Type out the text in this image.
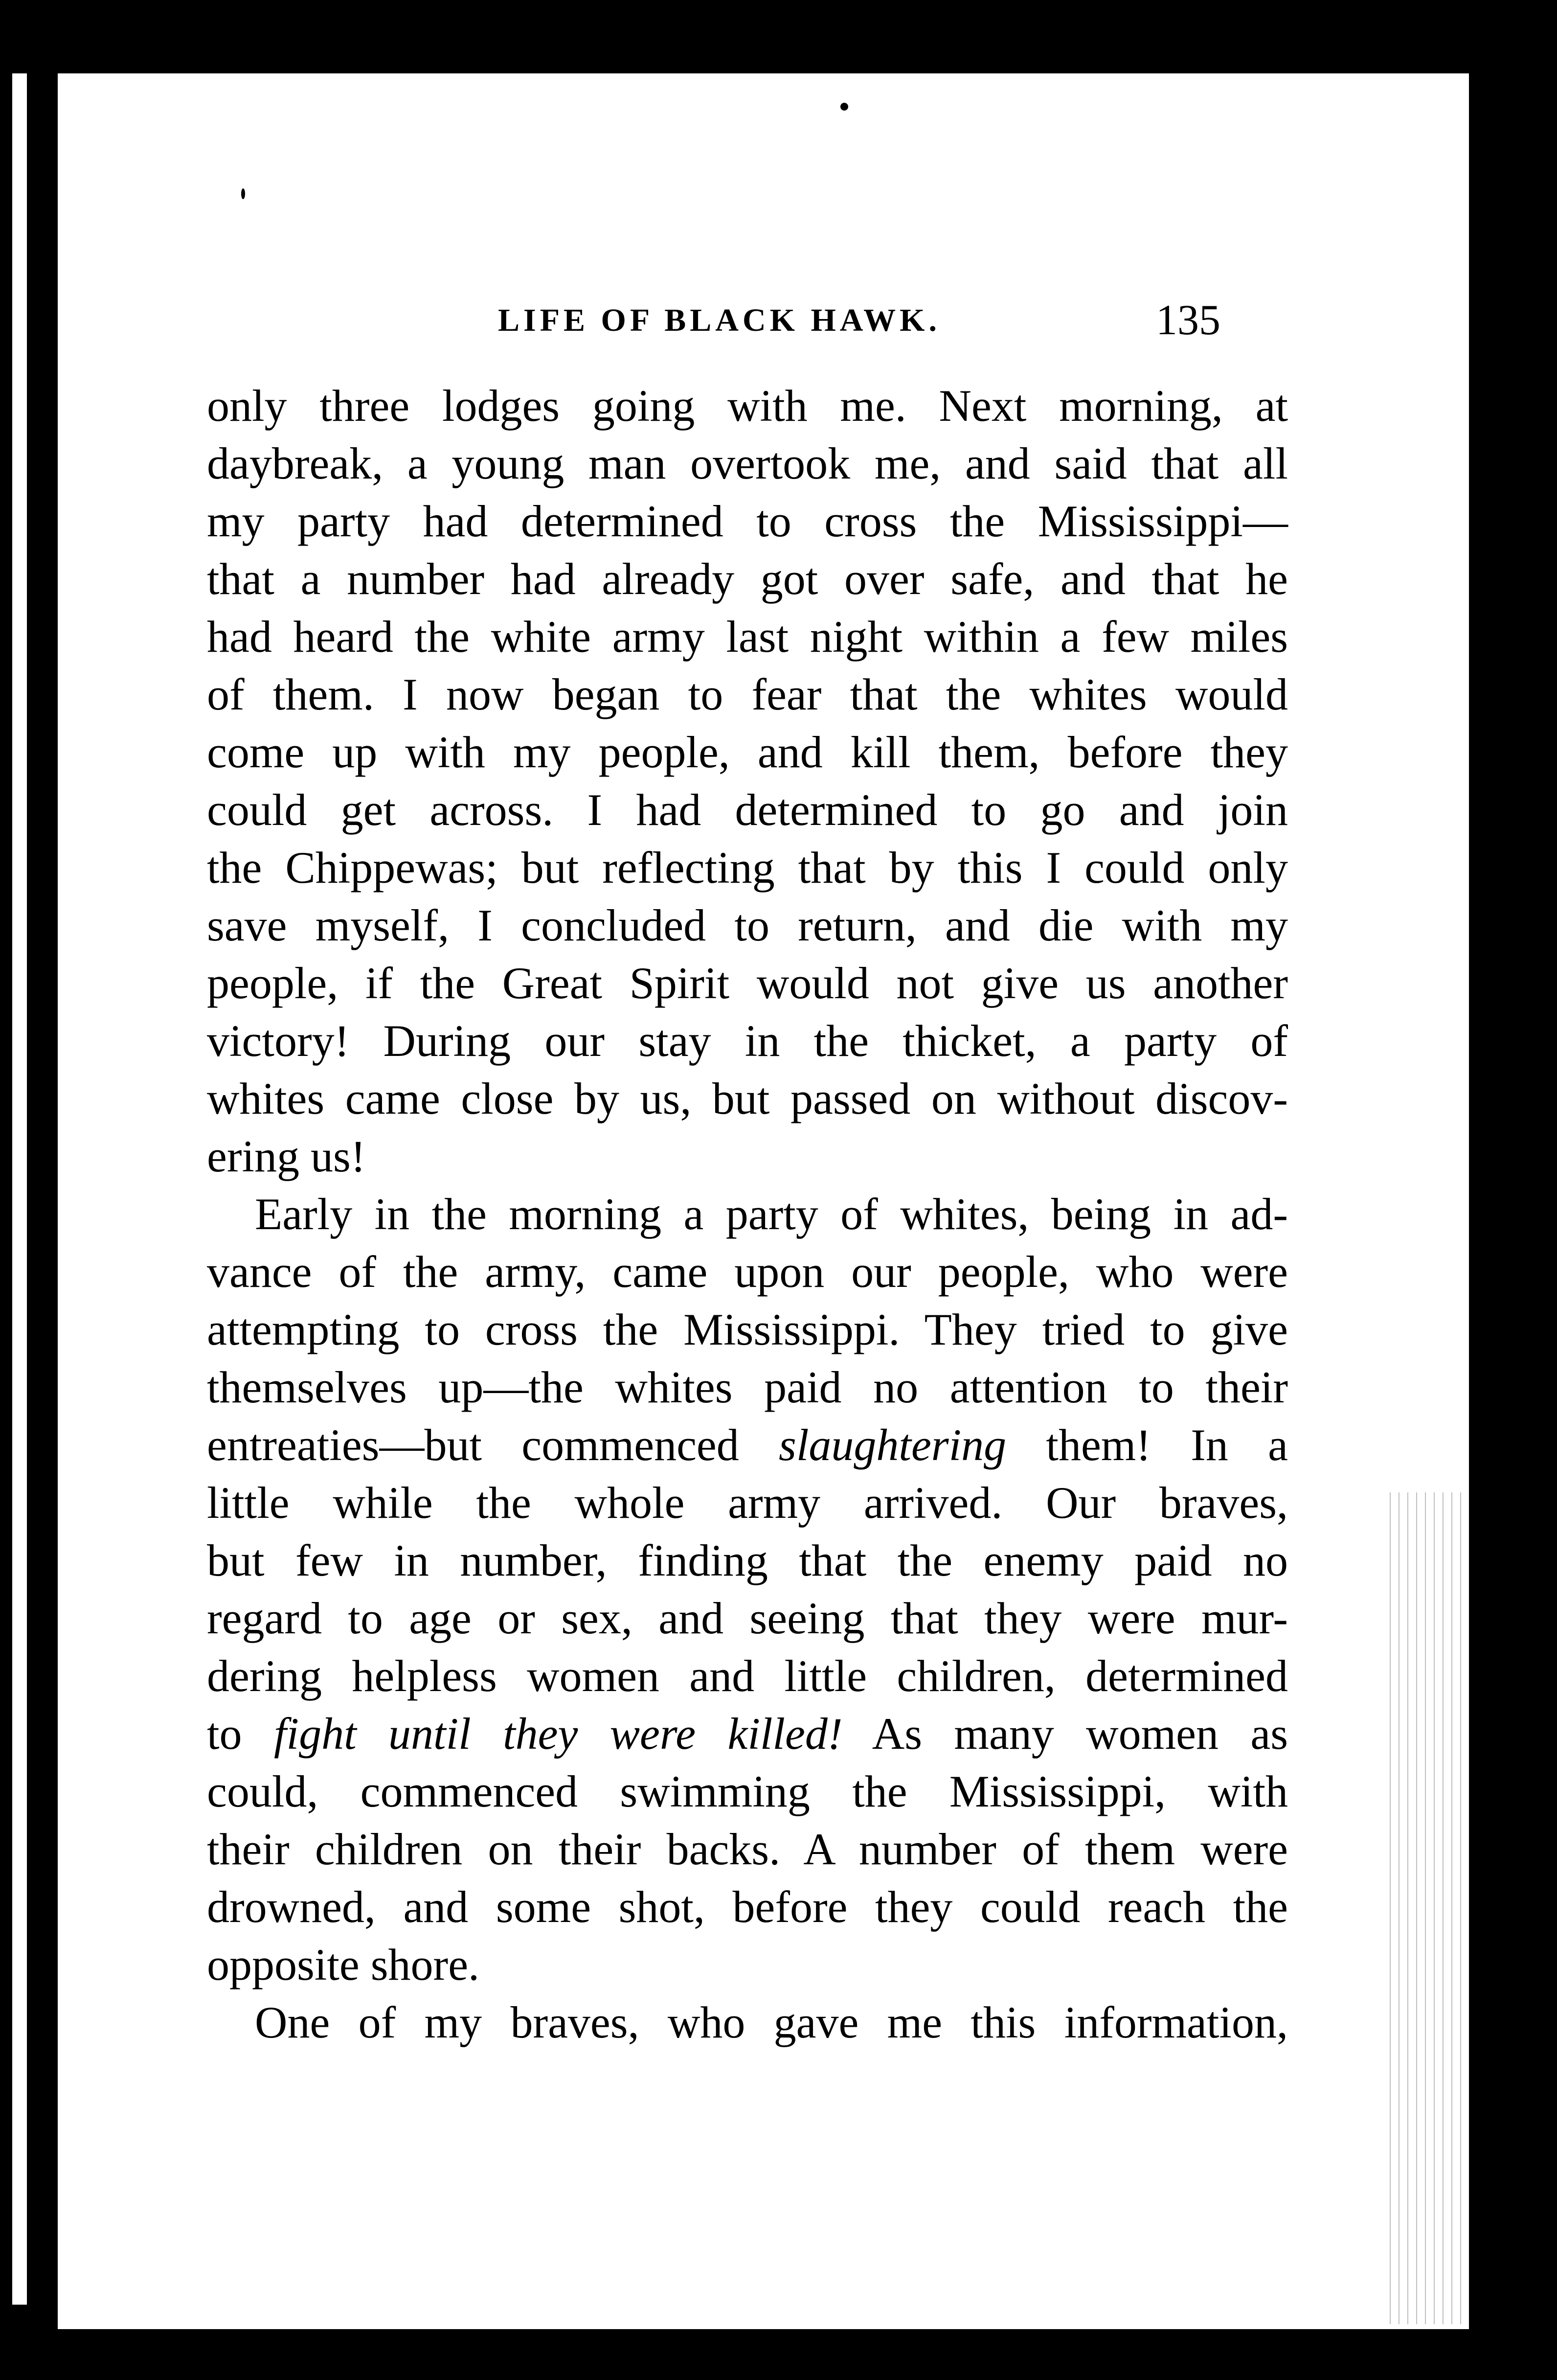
LIFE OF BLACK HAWK.	135
only three lodges going with me. Next morning, at
daybreak, a young man overtook me, and said that all
my party had determined to cross the Mississippi—
that a number had already got over safe, and that he
had heard the white army last night within a few miles
of them. I now began to fear that the whites would
come up with my people, and kill them, before they
could get across. I had determined to go and join
the Chippewas; but reflecting that by this I could only
save myself, I concluded to return, and die with my
people, if the Great Spirit would not give us another
victory! During our stay in the thicket, a party of
whites came close by us, but passed on without discov-
ering us!
Early in the morning a party of whites, being in ad-
vance of the army, came upon our people, who were
attempting to cross the Mississippi. They tried to give
themselves up—the whites paid no attention to their
entreaties—but commenced slaughtering them! In a
little while the whole army arrived. Our braves,
but few in number, finding that the enemy paid no
regard to age or sex, and seeing that they were mur-
dering helpless women and little children, determined
to fight until they were killed! As many women as
could, commenced swimming the Mississippi, with
their children on their backs. A number of them were
drowned, and some shot, before they could reach the
opposite shore.
One of my braves, who gave me this information,
